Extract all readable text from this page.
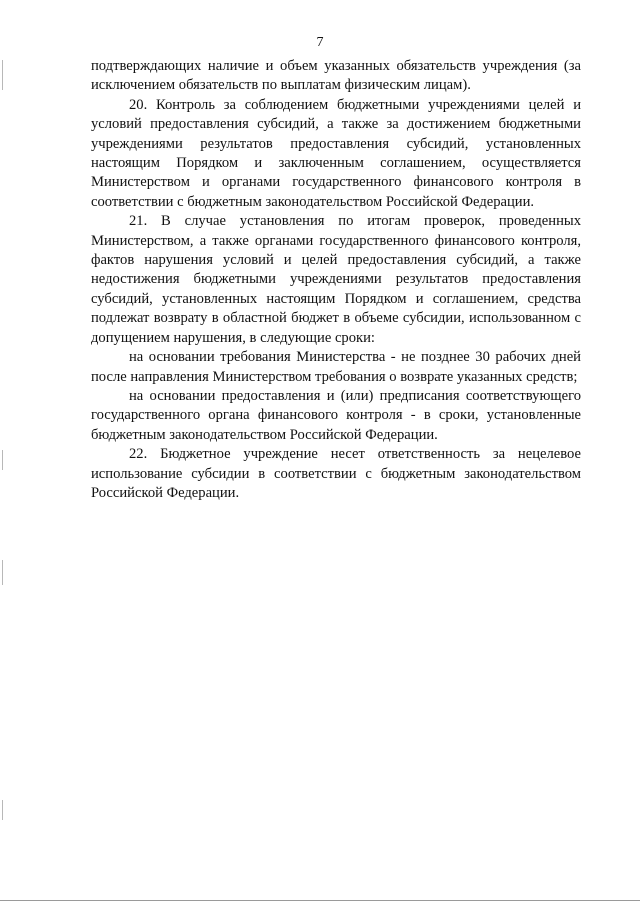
7

подтверждающих наличие и объем указанных обязательств учреждения (за исключением обязательств по выплатам физическим лицам).

20. Контроль за соблюдением бюджетными учреждениями целей и условий предоставления субсидий, а также за достижением бюджетными учреждениями результатов предоставления субсидий, установленных настоящим Порядком и заключенным соглашением, осуществляется Министерством и органами государственного финансового контроля в соответствии с бюджетным законодательством Российской Федерации.

21. В случае установления по итогам проверок, проведенных Министерством, а также органами государственного финансового контроля, фактов нарушения условий и целей предоставления субсидий, а также недостижения бюджетными учреждениями результатов предоставления субсидий, установленных настоящим Порядком и соглашением, средства подлежат возврату в областной бюджет в объеме субсидии, использованном с допущением нарушения, в следующие сроки:

на основании требования Министерства - не позднее 30 рабочих дней после направления Министерством требования о возврате указанных средств;

на основании предоставления и (или) предписания соответствующего государственного органа финансового контроля - в сроки, установленные бюджетным законодательством Российской Федерации.

22. Бюджетное учреждение несет ответственность за нецелевое использование субсидии в соответствии с бюджетным законодательством Российской Федерации.
